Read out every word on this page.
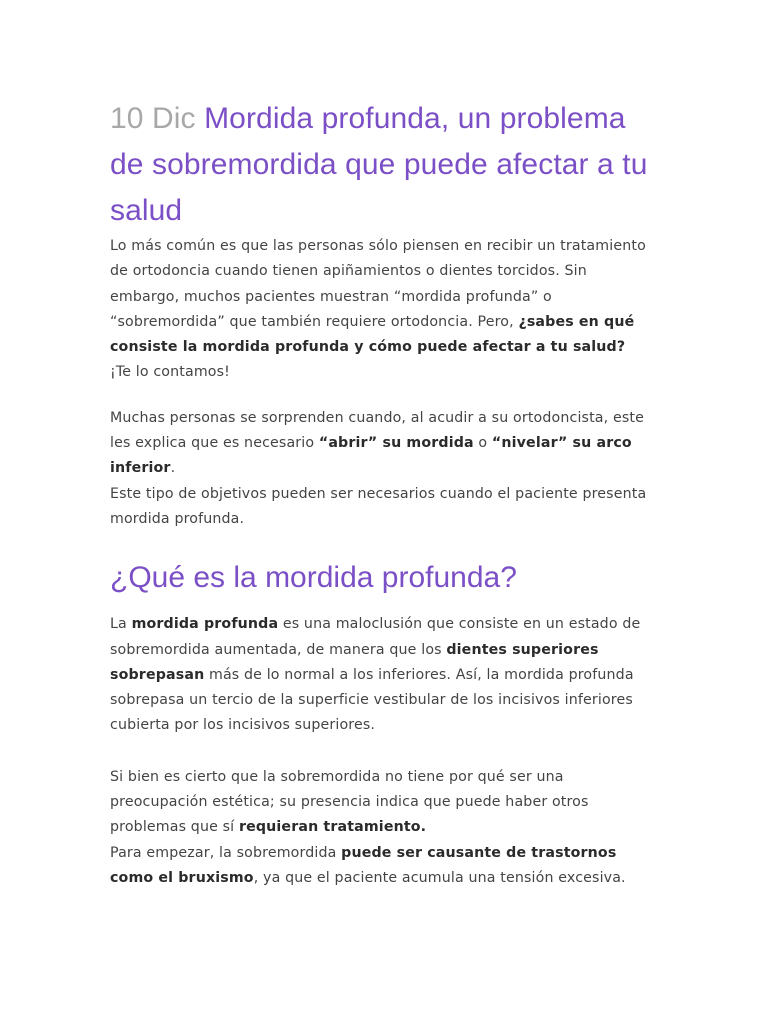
10 Dic Mordida profunda, un problema de sobremordida que puede afectar a tu salud

Lo más común es que las personas sólo piensen en recibir un tratamiento de ortodoncia cuando tienen apiñamientos o dientes torcidos. Sin embargo, muchos pacientes muestran “mordida profunda” o “sobremordida” que también requiere ortodoncia. Pero, ¿sabes en qué consiste la mordida profunda y cómo puede afectar a tu salud?
¡Te lo contamos!

Muchas personas se sorprenden cuando, al acudir a su ortodoncista, este les explica que es necesario “abrir” su mordida o “nivelar” su arco inferior.
Este tipo de objetivos pueden ser necesarios cuando el paciente presenta mordida profunda.

¿Qué es la mordida profunda?

La mordida profunda es una maloclusión que consiste en un estado de sobremordida aumentada, de manera que los dientes superiores sobrepasan más de lo normal a los inferiores. Así, la mordida profunda sobrepasa un tercio de la superficie vestibular de los incisivos inferiores cubierta por los incisivos superiores.

Si bien es cierto que la sobremordida no tiene por qué ser una preocupación estética; su presencia indica que puede haber otros problemas que sí requieran tratamiento.
Para empezar, la sobremordida puede ser causante de trastornos como el bruxismo, ya que el paciente acumula una tensión excesiva.
